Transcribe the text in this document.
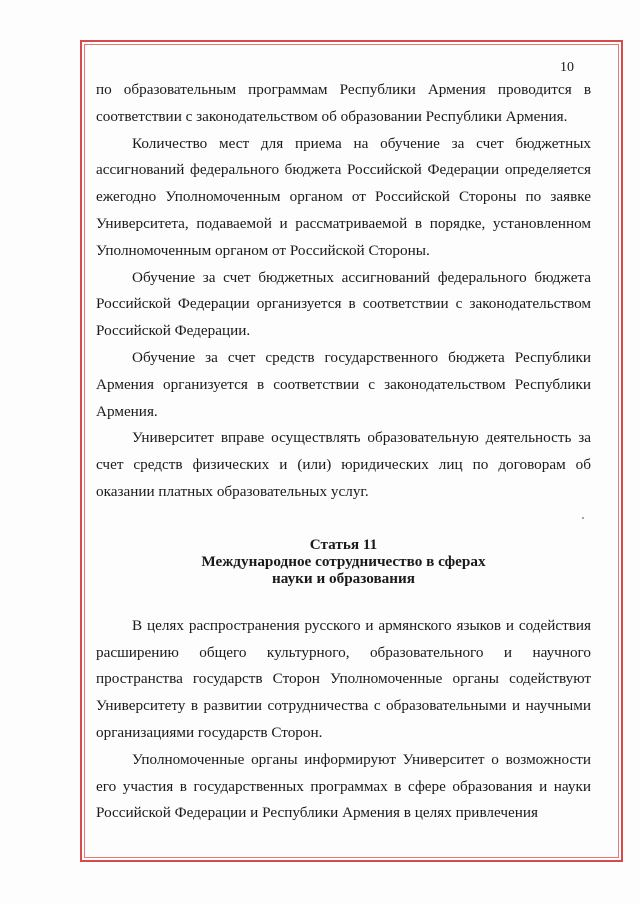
10

по образовательным программам Республики Армения проводится в соответствии с законодательством об образовании Республики Армения.

Количество мест для приема на обучение за счет бюджетных ассигнований федерального бюджета Российской Федерации определяется ежегодно Уполномоченным органом от Российской Стороны по заявке Университета, подаваемой и рассматриваемой в порядке, установленном Уполномоченным органом от Российской Стороны.

Обучение за счет бюджетных ассигнований федерального бюджета Российской Федерации организуется в соответствии с законодательством Российской Федерации.

Обучение за счет средств государственного бюджета Республики Армения организуется в соответствии с законодательством Республики Армения.

Университет вправе осуществлять образовательную деятельность за счет средств физических и (или) юридических лиц по договорам об оказании платных образовательных услуг.

Статья 11
Международное сотрудничество в сферах
науки и образования

В целях распространения русского и армянского языков и содействия расширению общего культурного, образовательного и научного пространства государств Сторон Уполномоченные органы содействуют Университету в развитии сотрудничества с образовательными и научными организациями государств Сторон.

Уполномоченные органы информируют Университет о возможности его участия в государственных программах в сфере образования и науки Российской Федерации и Республики Армения в целях привлечения
